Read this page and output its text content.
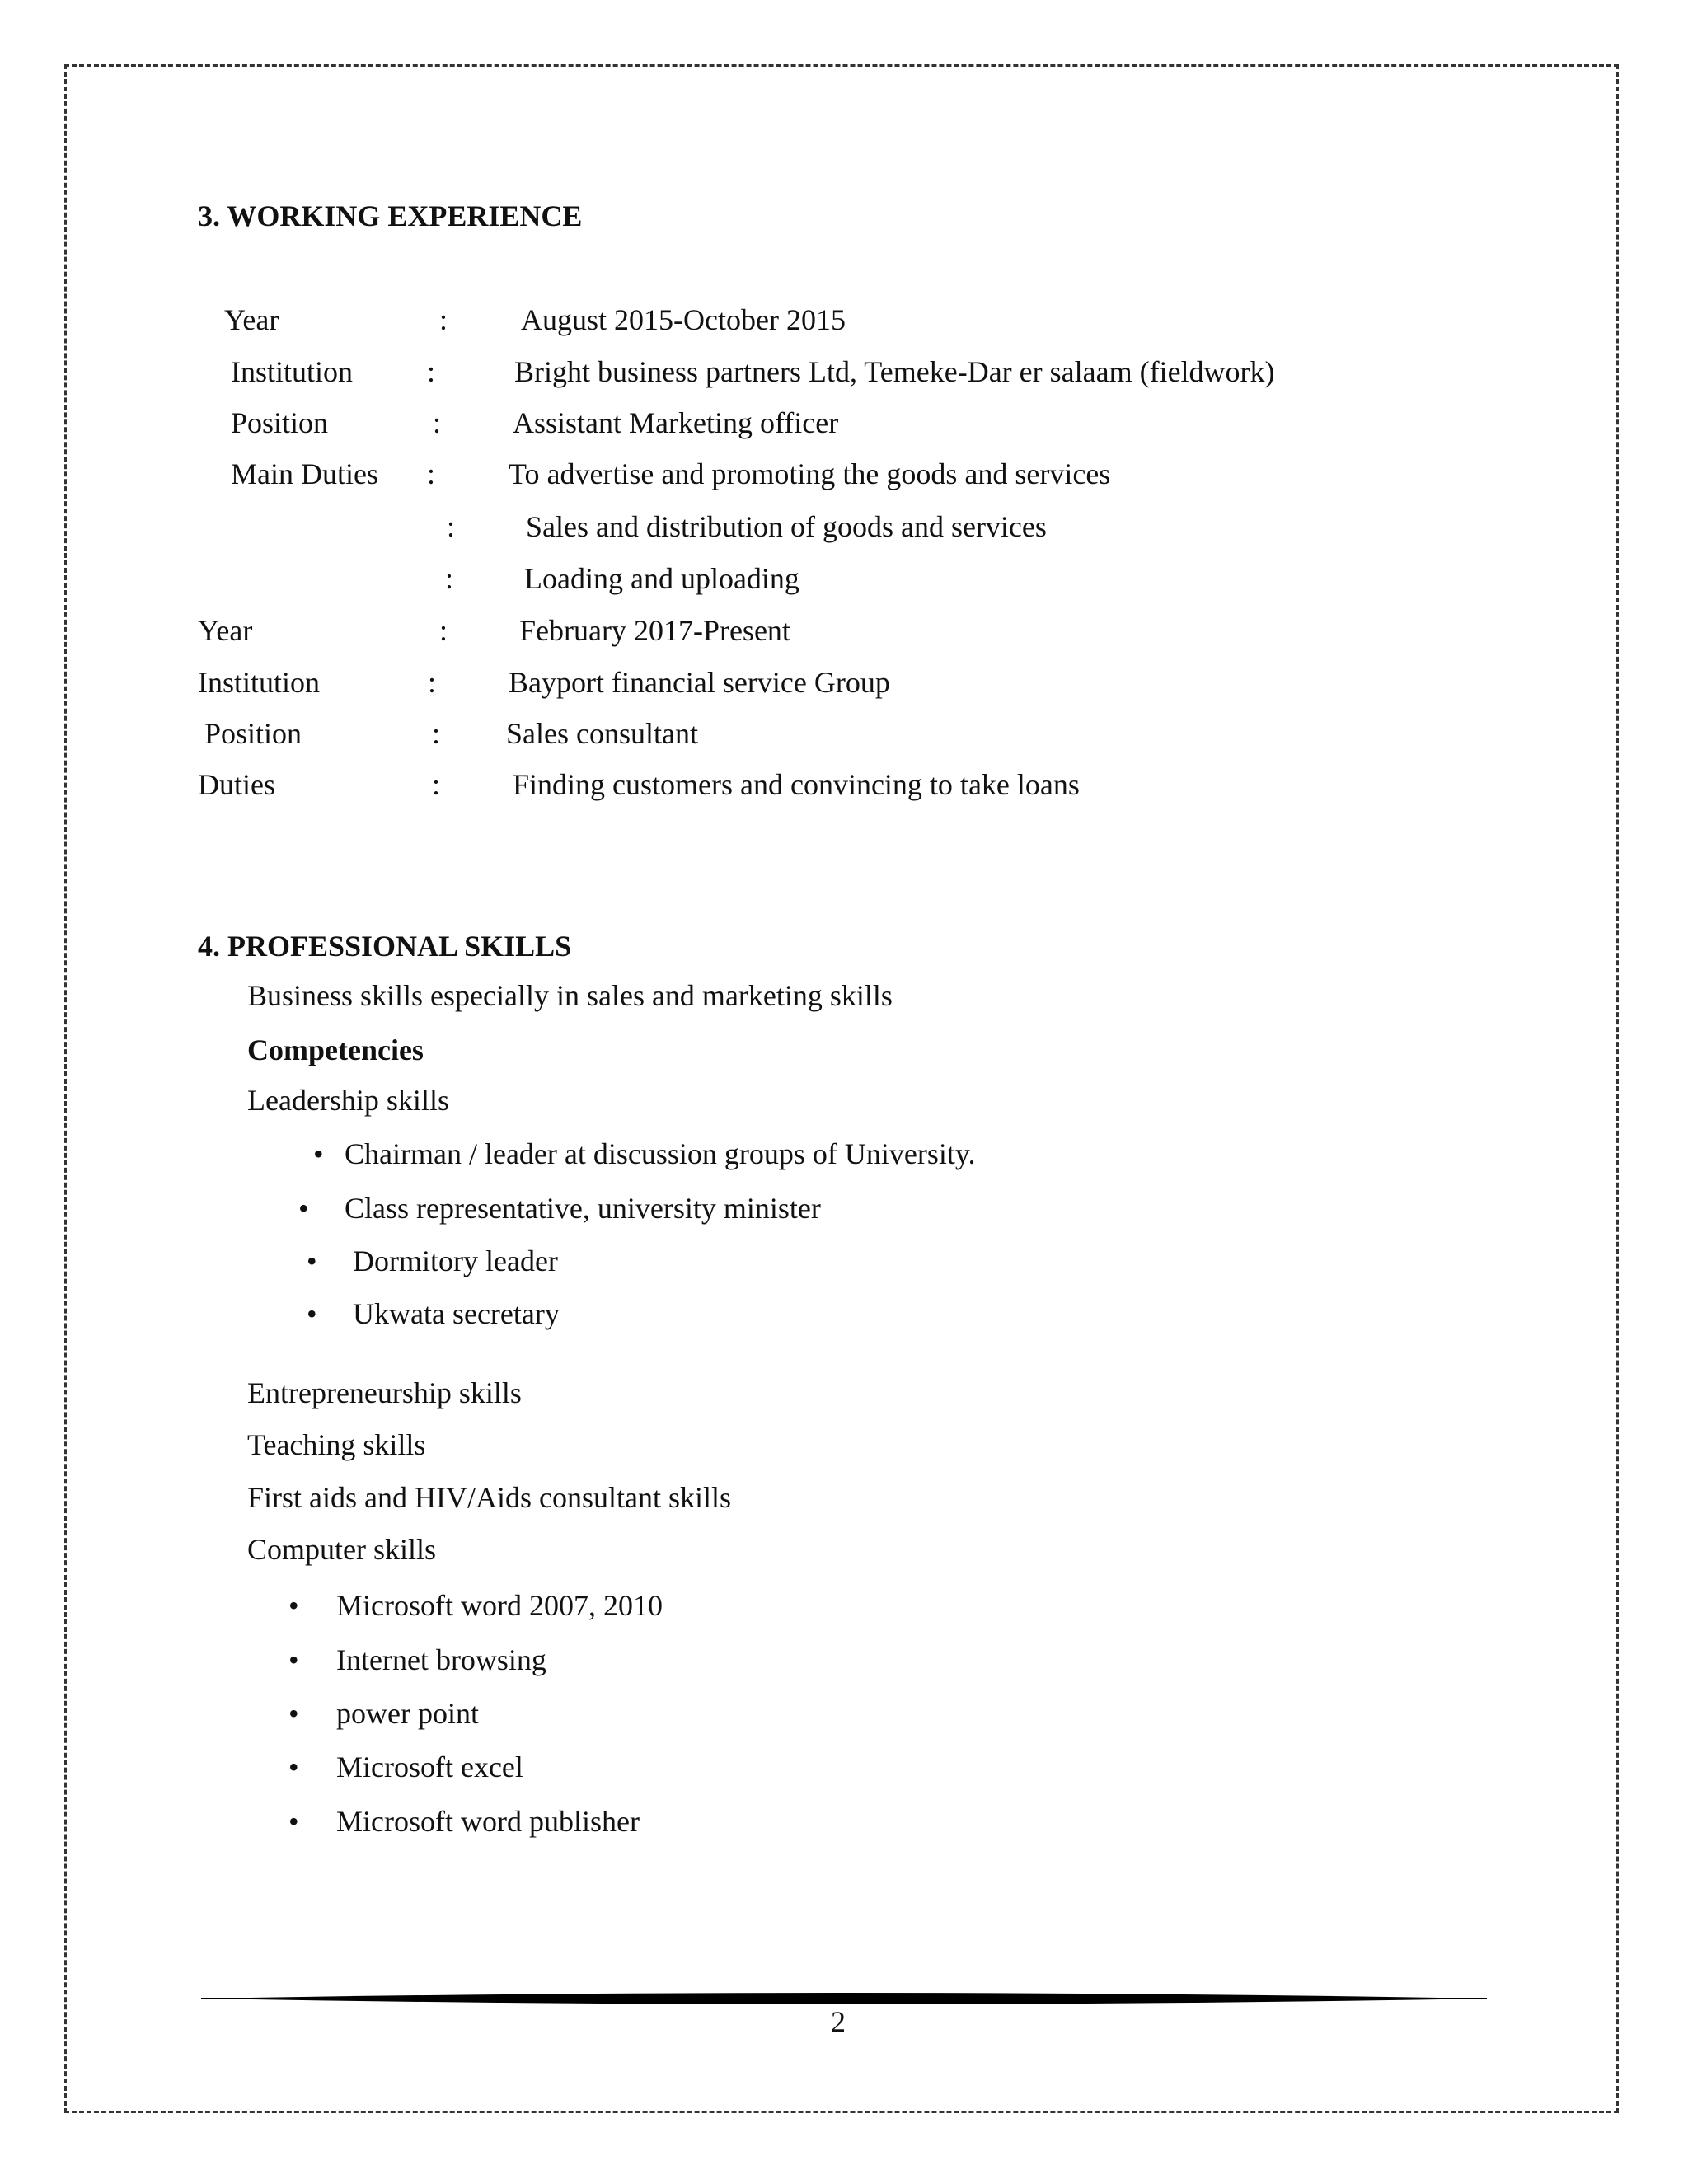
3. WORKING EXPERIENCE
Year	: August 2015-October 2015
Institution :	Bright business partners Ltd, Temeke-Dar er salaam (fieldwork)
Position	: Assistant Marketing officer
Main Duties : To advertise and promoting the goods and services
: Sales and distribution of goods and services
: Loading and uploading
Year	: February 2017-Present
Institution	: Bayport financial service Group
Position	: Sales consultant
Duties	: Finding customers and convincing to take loans
4. PROFESSIONAL SKILLS
Business skills especially in sales and marketing skills
Competencies
Leadership skills
• Chairman / leader at discussion groups of University.
• Class representative, university minister
• Dormitory leader
• Ukwata secretary
Entrepreneurship skills
Teaching skills
First aids and HIV/Aids consultant skills
Computer skills
• Microsoft word 2007, 2010
• Internet browsing
• power point
• Microsoft excel
• Microsoft word publisher
2
